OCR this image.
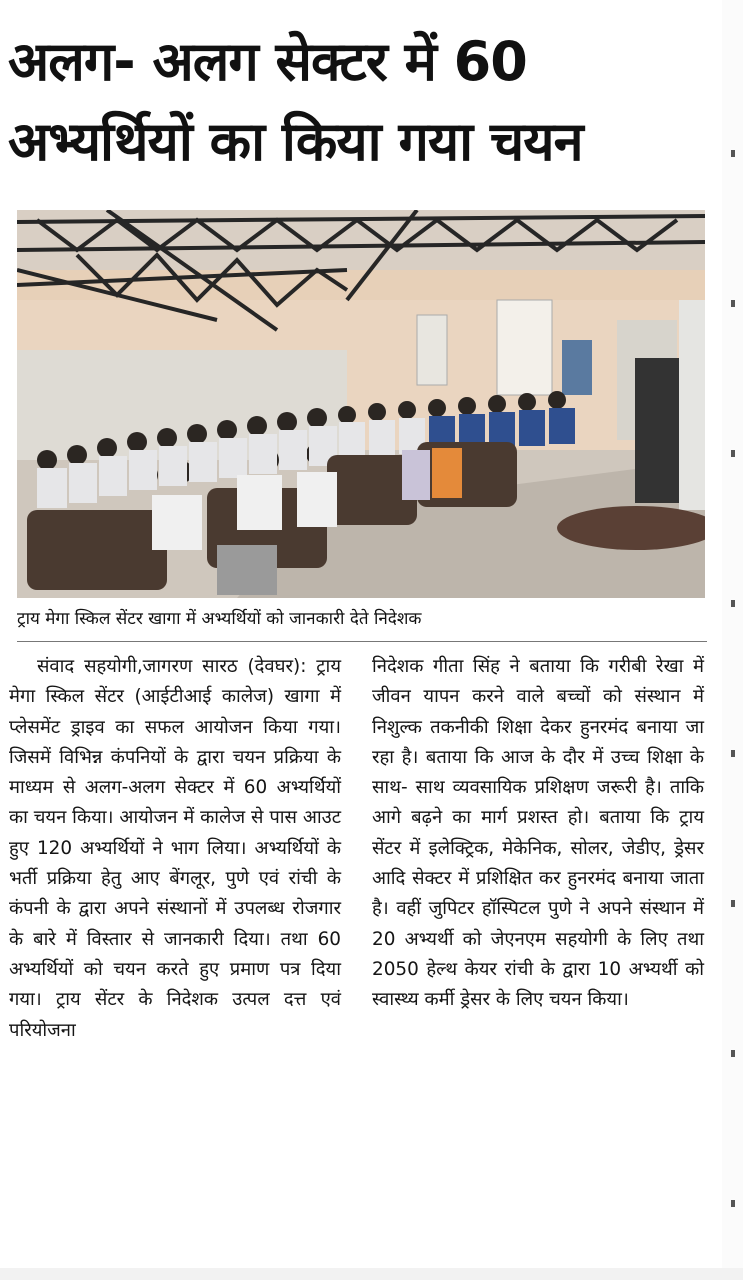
अलग- अलग सेक्टर में 60
अभ्यर्थियों का किया गया चयन
ट्राय मेगा स्किल सेंटर खागा में अभ्यर्थियों को जानकारी देते निदेशक
संवाद सहयोगी,जागरण सारठ (देवघर): ट्राय मेगा स्किल सेंटर (आईटीआई कालेज) खागा में प्लेसमेंट ड्राइव का सफल आयोजन किया गया। जिसमें विभिन्न कंपनियों के द्वारा चयन प्रक्रिया के माध्यम से अलग-अलग सेक्टर में 60 अभ्यर्थियों का चयन किया। आयोजन में कालेज से पास आउट हुए 120 अभ्यर्थियों ने भाग लिया। अभ्यर्थियों के भर्ती प्रक्रिया हेतु आए बेंगलूर, पुणे एवं रांची के कंपनी के द्वारा अपने संस्थानों में उपलब्ध रोजगार के बारे में विस्तार से जानकारी दिया। तथा 60 अभ्यर्थियों को चयन करते हुए प्रमाण पत्र दिया गया। ट्राय सेंटर के निदेशक उत्पल दत्त एवं परियोजना
निदेशक गीता सिंह ने बताया कि गरीबी रेखा में जीवन यापन करने वाले बच्चों को संस्थान में निशुल्क तकनीकी शिक्षा देकर हुनरमंद बनाया जा रहा है। बताया कि आज के दौर में उच्च शिक्षा के साथ- साथ व्यवसायिक प्रशिक्षण जरूरी है। ताकि आगे बढ़ने का मार्ग प्रशस्त हो। बताया कि ट्राय सेंटर में इलेक्ट्रिक, मेकेनिक, सोलर, जेडीए, ड्रेसर आदि सेक्टर में प्रशिक्षित कर हुनरमंद बनाया जाता है। वहीं जुपिटर हॉस्पिटल पुणे ने अपने संस्थान में 20 अभ्यर्थी को जेएनएम सहयोगी के लिए तथा 2050 हेल्थ केयर रांची के द्वारा 10 अभ्यर्थी को स्वास्थ्य कर्मी ड्रेसर के लिए चयन किया।
